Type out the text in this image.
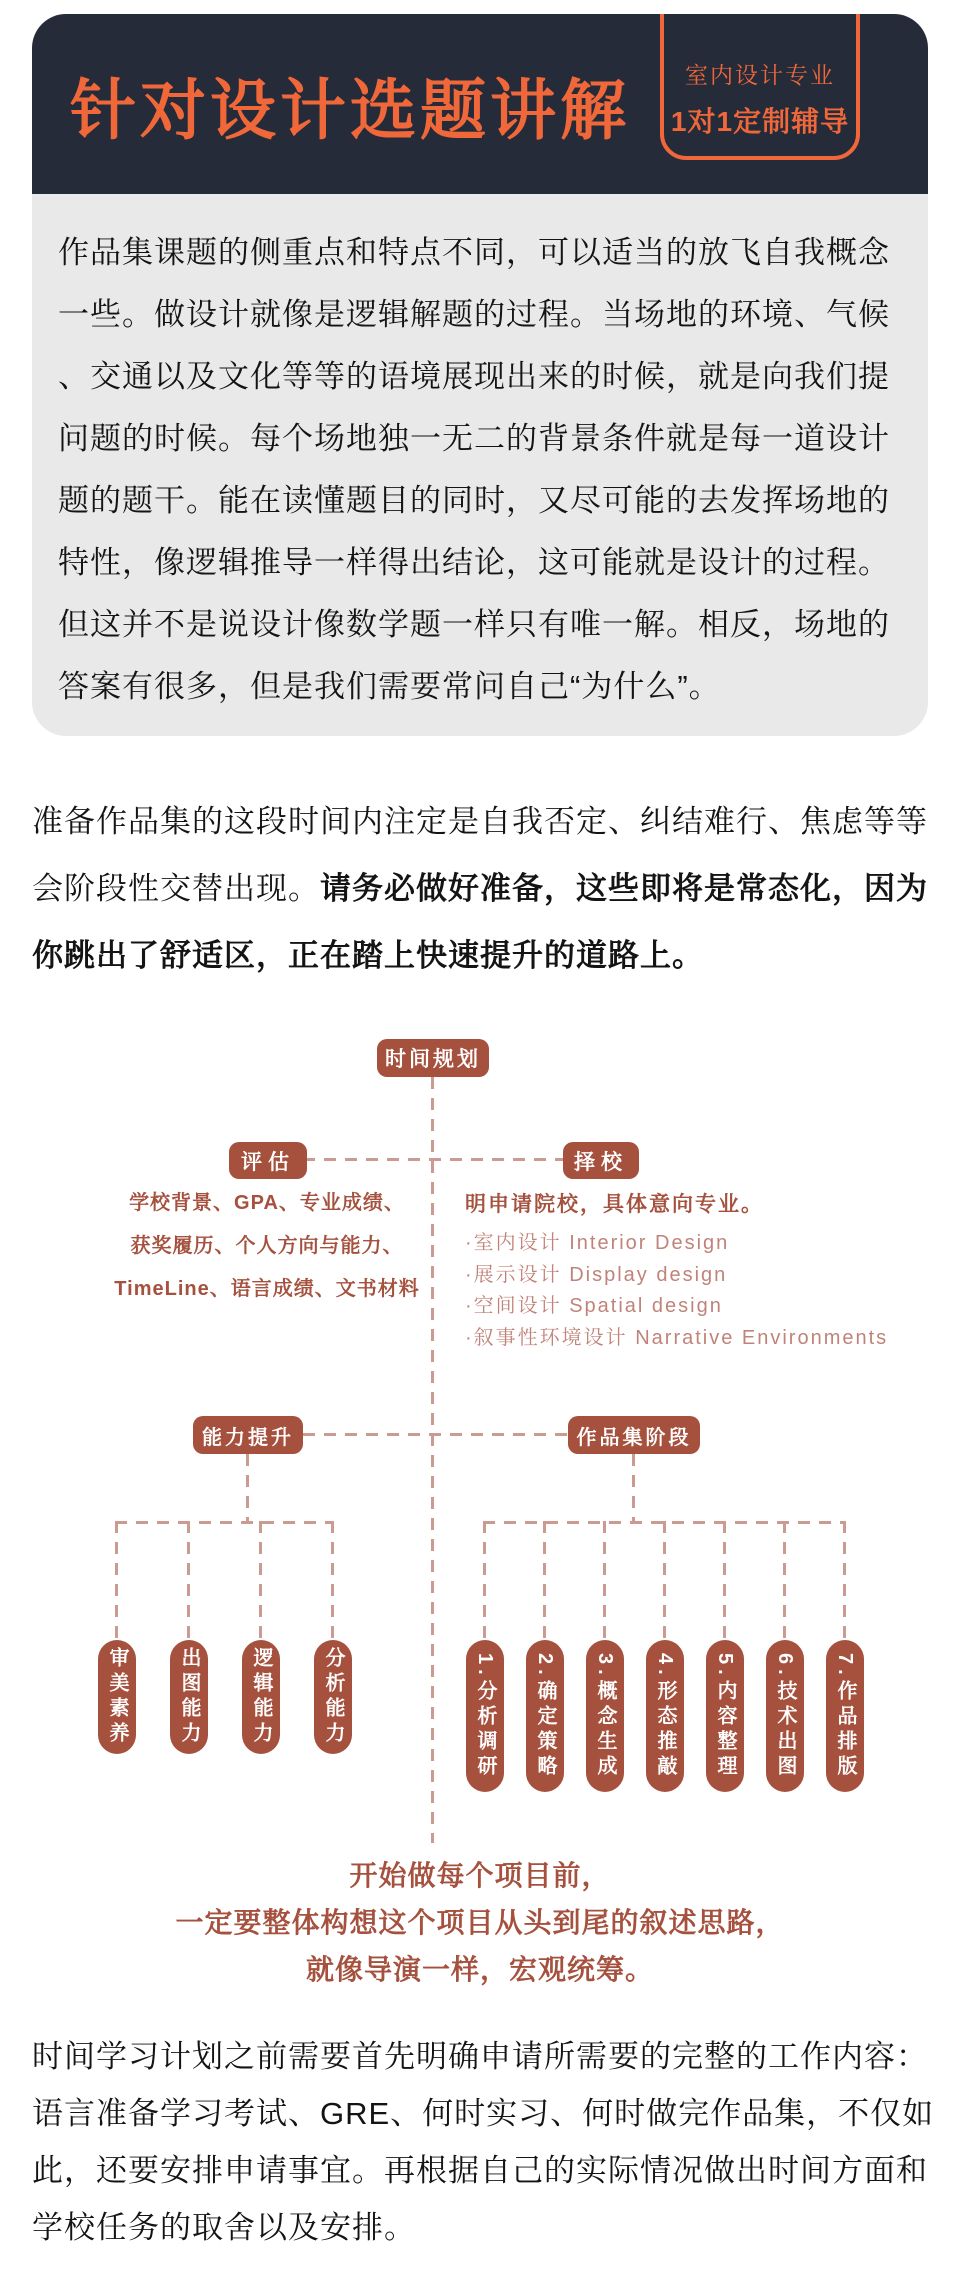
针对设计选题讲解 室内设计专业
1对1定制辅导
作品集课题的侧重点和特点不同，可以适当的放飞自我概念
一些。做设计就像是逻辑解题的过程。当场地的环境、气候
、交通以及文化等等的语境展现出来的时候，就是向我们提
问题的时候。每个场地独一无二的背景条件就是每一道设计
题的题干。能在读懂题目的同时，又尽可能的去发挥场地的
特性，像逻辑推导一样得出结论，这可能就是设计的过程。
但这并不是说设计像数学题一样只有唯一解。相反，场地的
答案有很多，但是我们需要常问自己“为什么”。
准备作品集的这段时间内注定是自我否定、纠结难行、焦虑等等
会阶段性交替出现。请务必做好准备，这些即将是常态化，因为
你跳出了舒适区，正在踏上快速提升的道路上。
时间规划
评估
学校背景、GPA、专业成绩、
获奖履历、个人方向与能力、
TimeLine、语言成绩、文书材料
择校
明申请院校，具体意向专业。
·室内设计 Interior Design
·展示设计 Display design
·空间设计 Spatial design
·叙事性环境设计 Narrative Environments
能力提升	作品集阶段
审美素养	出图能力	逻辑能力	分析能力	1.分析调研 2.确定策略 3.概念生成 4.形态推敲 5.内容整理 6.技术出图 7.作品排版
开始做每个项目前，
一定要整体构想这个项目从头到尾的叙述思路，
就像导演一样，宏观统筹。
时间学习计划之前需要首先明确申请所需要的完整的工作内容：
语言准备学习考试、GRE、何时实习、何时做完作品集，不仅如
此，还要安排申请事宜。再根据自己的实际情况做出时间方面和
学校任务的取舍以及安排。
